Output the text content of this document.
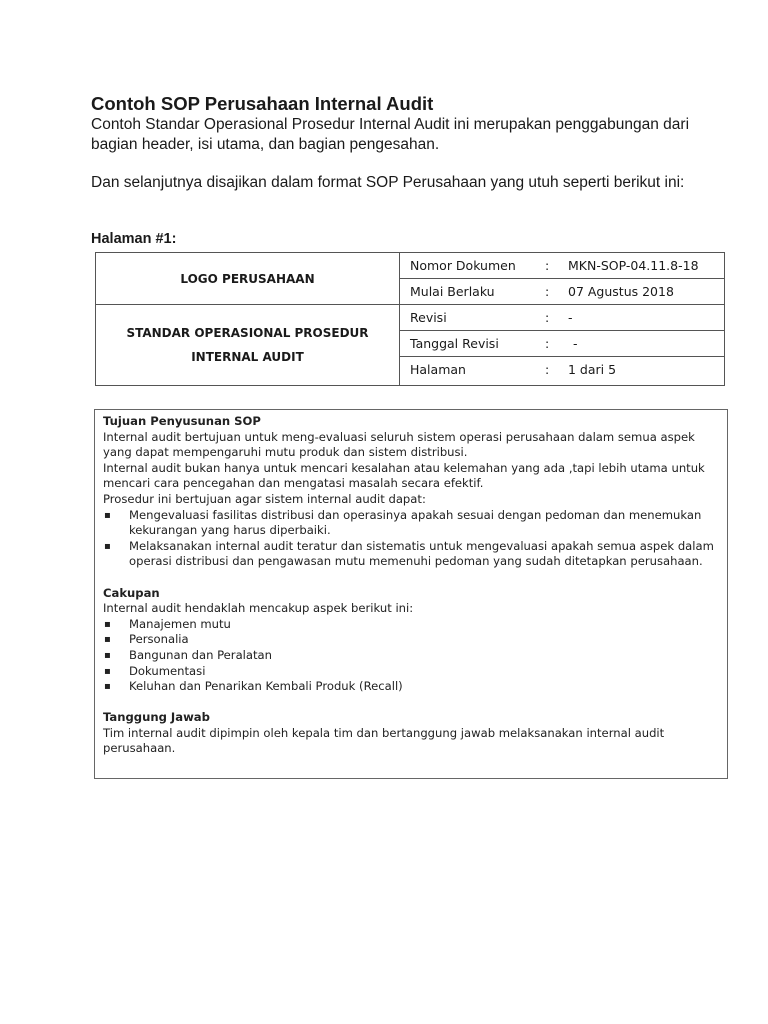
Contoh SOP Perusahaan Internal Audit

Contoh Standar Operasional Prosedur Internal Audit ini merupakan penggabungan dari bagian header, isi utama, dan bagian pengesahan.

Dan selanjutnya disajikan dalam format SOP Perusahaan yang utuh seperti berikut ini:

Halaman #1:

LOGO PERUSAHAAN
STANDAR OPERASIONAL PROSEDUR
INTERNAL AUDIT
Nomor Dokumen : MKN-SOP-04.11.8-18
Mulai Berlaku	: 07 Agustus 2018
Revisi	: -
Tanggal Revisi	: -
Halaman	: 1 dari 5

Tujuan Penyusunan SOP

Internal audit bertujuan untuk meng-evaluasi seluruh sistem operasi perusahaan dalam semua aspek yang dapat mempengaruhi mutu produk dan sistem distribusi.

Internal audit bukan hanya untuk mencari kesalahan atau kelemahan yang ada ,tapi lebih utama untuk mencari cara pencegahan dan mengatasi masalah secara efektif.

Prosedur ini bertujuan agar sistem internal audit dapat:

▪ Mengevaluasi fasilitas distribusi dan operasinya apakah sesuai dengan pedoman dan menemukan kekurangan yang harus diperbaiki.
▪ Melaksanakan internal audit teratur dan sistematis untuk mengevaluasi apakah semua aspek dalam operasi distribusi dan pengawasan mutu memenuhi pedoman yang sudah ditetapkan perusahaan.

Cakupan

Internal audit hendaklah mencakup aspek berikut ini:

▪ Manajemen mutu
▪ Personalia
▪ Bangunan dan Peralatan
▪ Dokumentasi
▪ Keluhan dan Penarikan Kembali Produk (Recall)

Tanggung Jawab

Tim internal audit dipimpin oleh kepala tim dan bertanggung jawab melaksanakan internal audit perusahaan.
